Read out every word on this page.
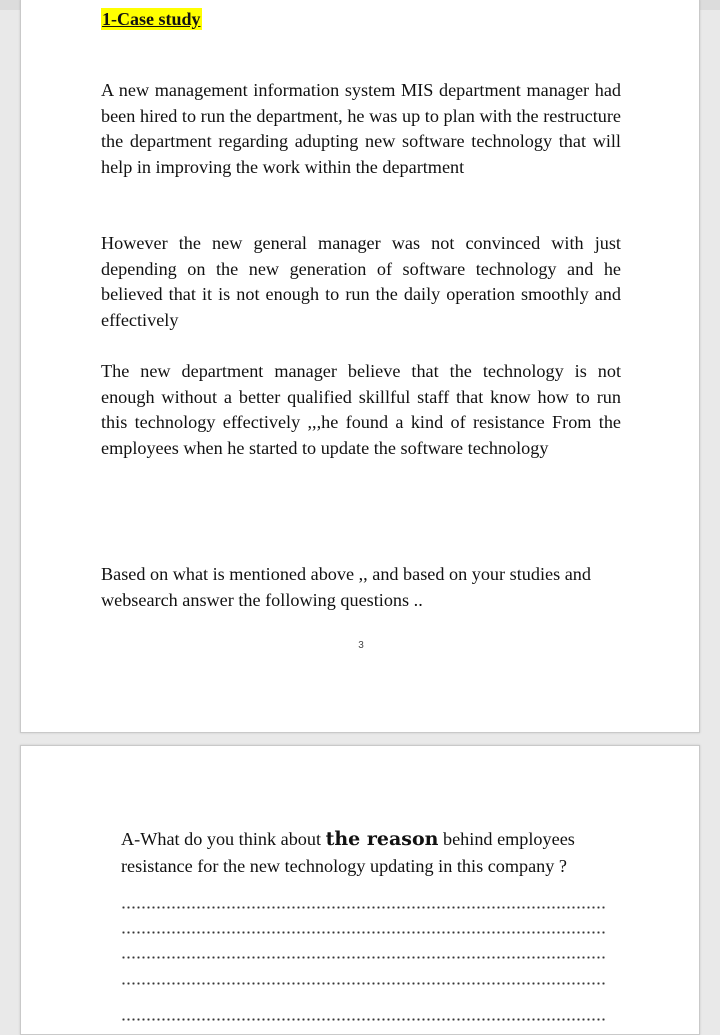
1-Case study

A new management information system MIS department manager had been hired to run the department, he was up to plan with the restructure the department regarding adupting new software technology that will help in improving the work within the department

However the new general manager was not convinced with just depending on the new generation of software technology and he believed that it is not enough to run the daily operation smoothly and effectively

The new department manager believe that the technology is not enough without a better qualified skillful staff that know how to run this technology effectively ,,,he found a kind of resistance From the employees when he started to update the software technology

Based on what is mentioned above ,, and based on your studies and websearch answer the following questions ..

3

A-What do you think about the reason behind employees resistance for the new technology updating in this company ?
